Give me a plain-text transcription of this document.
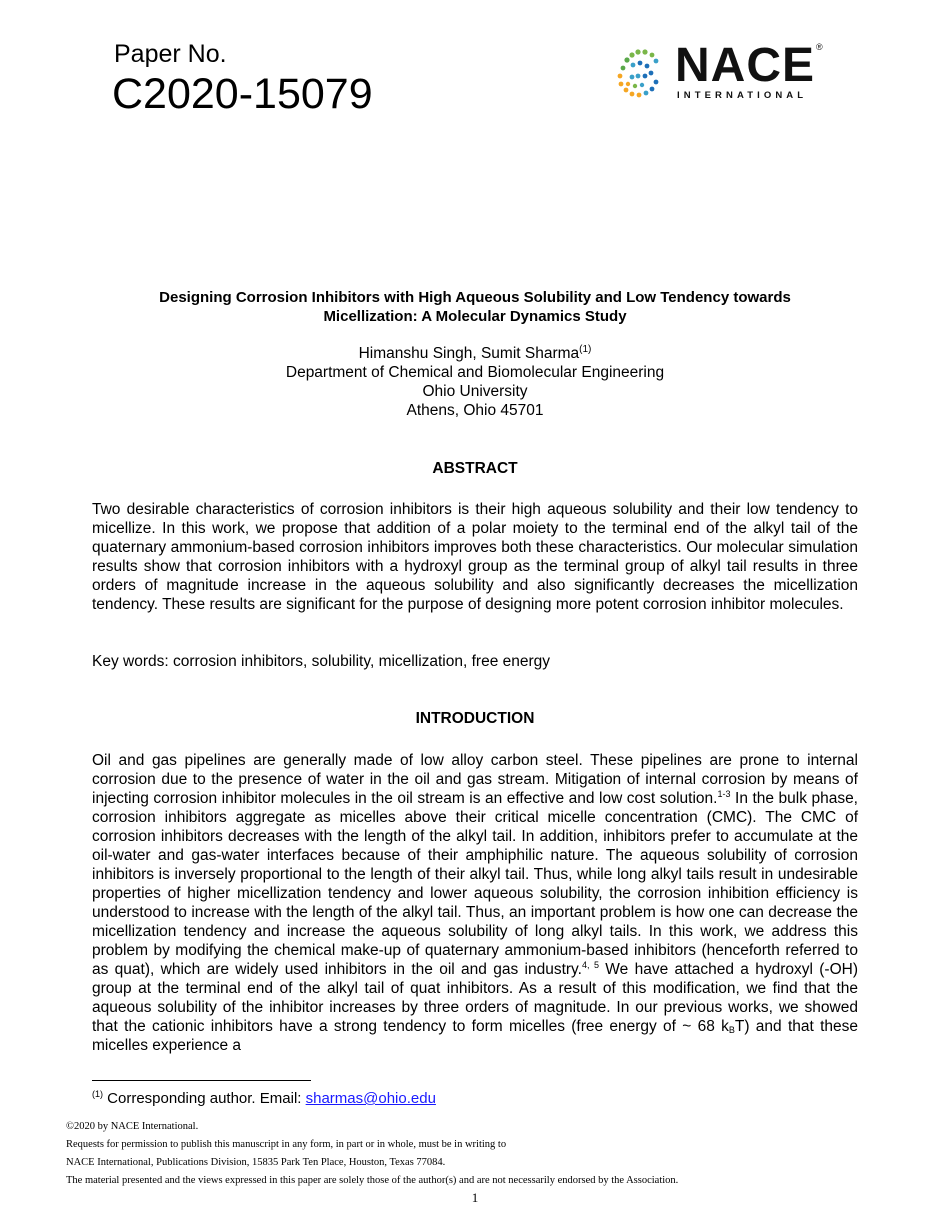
Paper No.
C2020-15079
NACE ®
INTERNATIONAL
Designing Corrosion Inhibitors with High Aqueous Solubility and Low Tendency towards
Micellization: A Molecular Dynamics Study
Himanshu Singh, Sumit Sharma$^{(1)}$
Department of Chemical and Biomolecular Engineering
Ohio University
Athens, Ohio 45701
ABSTRACT

Two desirable characteristics of corrosion inhibitors is their high aqueous solubility and their low tendency to micellize. In this work, we propose that addition of a polar moiety to the terminal end of the alkyl tail of the quaternary ammonium-based corrosion inhibitors improves both these characteristics. Our molecular simulation results show that corrosion inhibitors with a hydroxyl group as the terminal group of alkyl tail results in three orders of magnitude increase in the aqueous solubility and also significantly decreases the micellization tendency. These results are significant for the purpose of designing more potent corrosion inhibitor molecules.

Key words: corrosion inhibitors, solubility, micellization, free energy

INTRODUCTION

Oil and gas pipelines are generally made of low alloy carbon steel. These pipelines are prone to internal corrosion due to the presence of water in the oil and gas stream. Mitigation of internal corrosion by means of injecting corrosion inhibitor molecules in the oil stream is an effective and low cost solution.$^{1-3}$ In the bulk phase, corrosion inhibitors aggregate as micelles above their critical micelle concentration (CMC). The CMC of corrosion inhibitors decreases with the length of the alkyl tail. In addition, inhibitors prefer to accumulate at the oil-water and gas-water interfaces because of their amphiphilic nature. The aqueous solubility of corrosion inhibitors is inversely proportional to the length of their alkyl tail. Thus, while long alkyl tails result in undesirable properties of higher micellization tendency and lower aqueous solubility, the corrosion inhibition efficiency is understood to increase with the length of the alkyl tail. Thus, an important problem is how one can decrease the micellization tendency and increase the aqueous solubility of long alkyl tails. In this work, we address this problem by modifying the chemical make-up of quaternary ammonium-based inhibitors (henceforth referred to as quat), which are widely used inhibitors in the oil and gas industry.$^{4, 5}$ We have attached a hydroxyl (-OH) group at the terminal end of the alkyl tail of quat inhibitors. As a result of this modification, we find that the aqueous solubility of the inhibitor increases by three orders of magnitude. In our previous works, we showed that the cationic inhibitors have a strong tendency to form micelles (free energy of ~ 68 $k_BT$) and that these micelles experience a

$^{(1)}$ Corresponding author. Email: sharmas@ohio.edu
©2020 by NACE International.
Requests for permission to publish this manuscript in any form, in part or in whole, must be in writing to
NACE International, Publications Division, 15835 Park Ten Place, Houston, Texas 77084.
The material presented and the views expressed in this paper are solely those of the author(s) and are not necessarily endorsed by the Association.
1
